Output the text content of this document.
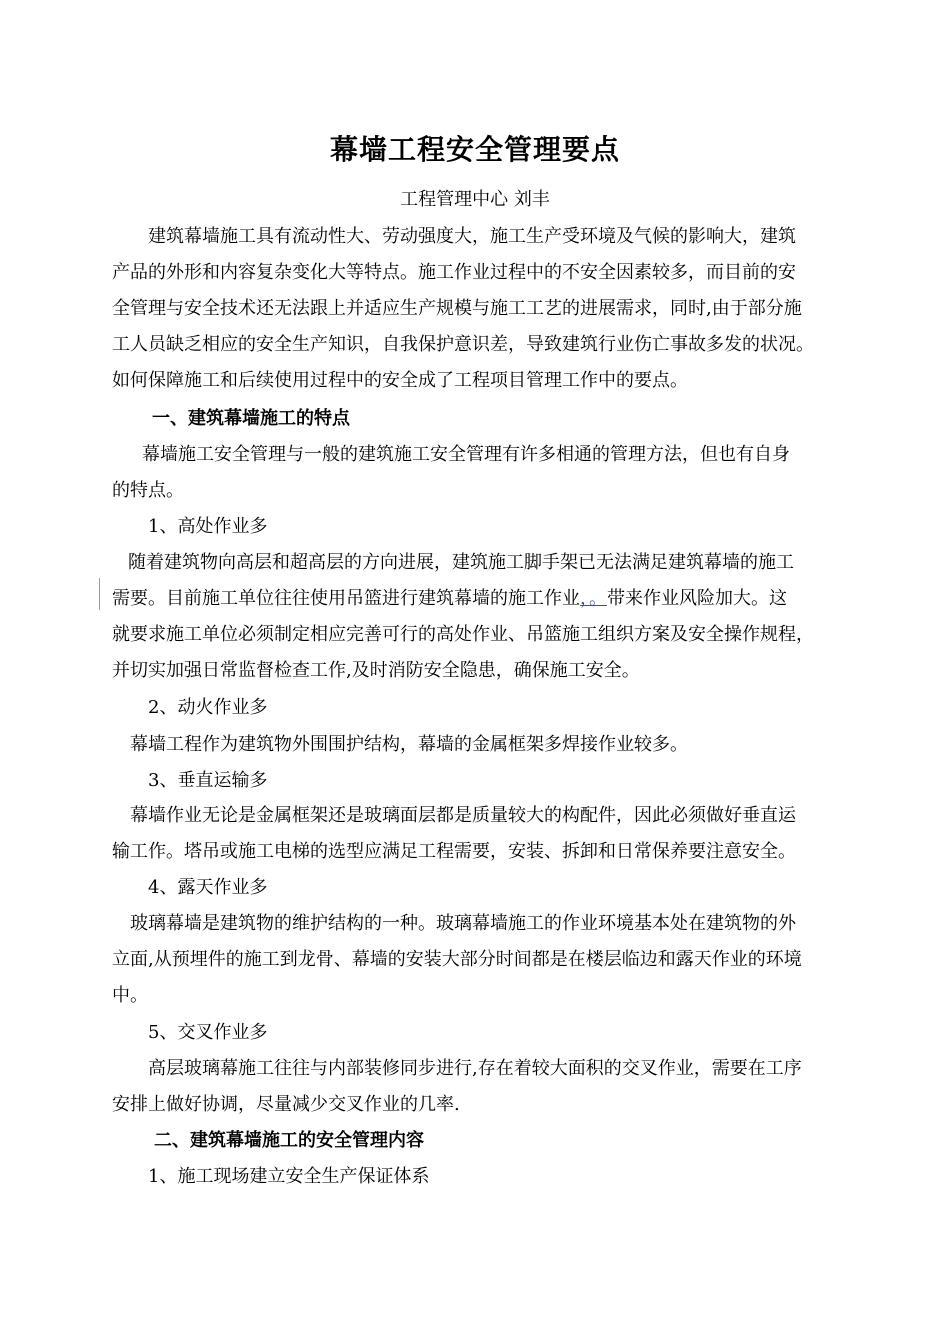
幕墙工程安全管理要点
工程管理中心 刘丰
建筑幕墙施工具有流动性大、劳动强度大，施工生产受环境及气候的影响大，建筑
产品的外形和内容复杂变化大等特点。施工作业过程中的不安全因素较多，而目前的安
全管理与安全技术还无法跟上并适应生产规模与施工工艺的进展需求，同时,由于部分施
工人员缺乏相应的安全生产知识，自我保护意识差，导致建筑行业伤亡事故多发的状况。
如何保障施工和后续使用过程中的安全成了工程项目管理工作中的要点。
一、建筑幕墙施工的特点
幕墙施工安全管理与一般的建筑施工安全管理有许多相通的管理方法，但也有自身
的特点。
1、高处作业多
随着建筑物向高层和超高层的方向进展，建筑施工脚手架已无法满足建筑幕墙的施工
需要。目前施工单位往往使用吊篮进行建筑幕墙的施工作业，。带来作业风险加大。这
就要求施工单位必须制定相应完善可行的高处作业、吊篮施工组织方案及安全操作规程，
并切实加强日常监督检查工作,及时消防安全隐患，确保施工安全。
2、动火作业多
幕墙工程作为建筑物外围围护结构，幕墙的金属框架多焊接作业较多。
3、垂直运输多
幕墙作业无论是金属框架还是玻璃面层都是质量较大的构配件，因此必须做好垂直运
输工作。塔吊或施工电梯的选型应满足工程需要，安装、拆卸和日常保养要注意安全。
4、露天作业多
玻璃幕墙是建筑物的维护结构的一种。玻璃幕墙施工的作业环境基本处在建筑物的外
立面,从预埋件的施工到龙骨、幕墙的安装大部分时间都是在楼层临边和露天作业的环境
中。
5、交叉作业多
高层玻璃幕施工往往与内部装修同步进行,存在着较大面积的交叉作业，需要在工序
安排上做好协调，尽量减少交叉作业的几率.
二、建筑幕墙施工的安全管理内容
1、施工现场建立安全生产保证体系
